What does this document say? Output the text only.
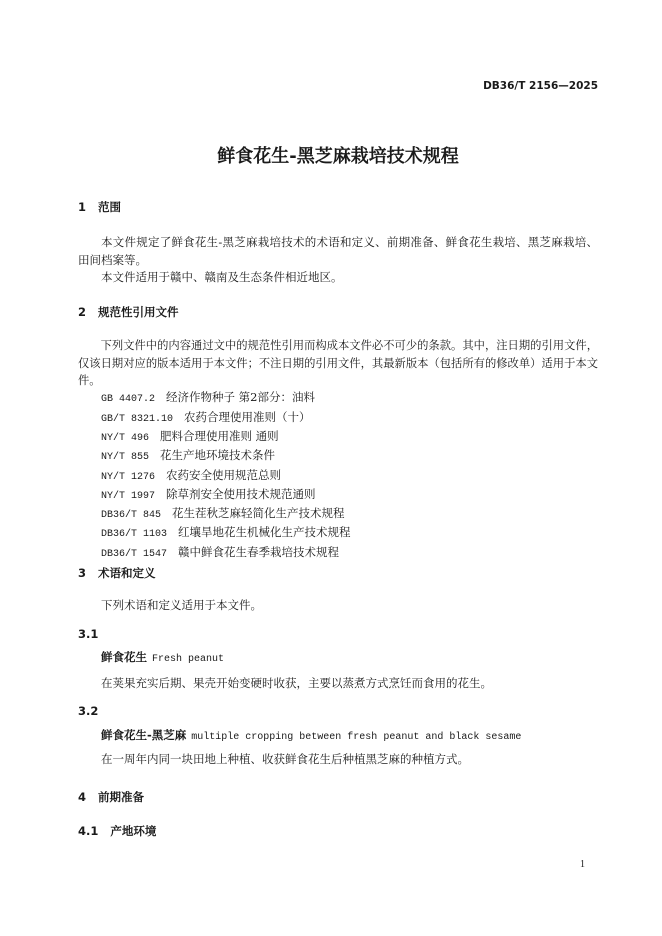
DB36/T 2156—2025
鲜食花生-黑芝麻栽培技术规程
1 范围

本文件规定了鲜食花生-黑芝麻栽培技术的术语和定义、前期准备、鲜食花生栽培、黑芝麻栽培、田间档案等。

本文件适用于赣中、赣南及生态条件相近地区。

2 规范性引用文件

下列文件中的内容通过文中的规范性引用而构成本文件必不可少的条款。其中，注日期的引用文件，仅该日期对应的版本适用于本文件；不注日期的引用文件，其最新版本（包括所有的修改单）适用于本文件。

GB 4407.2 经济作物种子 第2部分：油料
GB/T 8321.10 农药合理使用准则（十）
NY/T 496 肥料合理使用准则 通则
NY/T 855 花生产地环境技术条件
NY/T 1276 农药安全使用规范总则
NY/T 1997 除草剂安全使用技术规范通则
DB36/T 845 花生茬秋芝麻轻简化生产技术规程
DB36/T 1103 红壤旱地花生机械化生产技术规程
DB36/T 1547 赣中鲜食花生春季栽培技术规程
3 术语和定义

下列术语和定义适用于本文件。

3.1
鲜食花生 Fresh peanut
在荚果充实后期、果壳开始变硬时收获，主要以蒸煮方式烹饪而食用的花生。
3.2
鲜食花生-黑芝麻 multiple cropping between fresh peanut and black sesame
在一周年内同一块田地上种植、收获鲜食花生后种植黑芝麻的种植方式。
4 前期准备
4.1 产地环境
1
